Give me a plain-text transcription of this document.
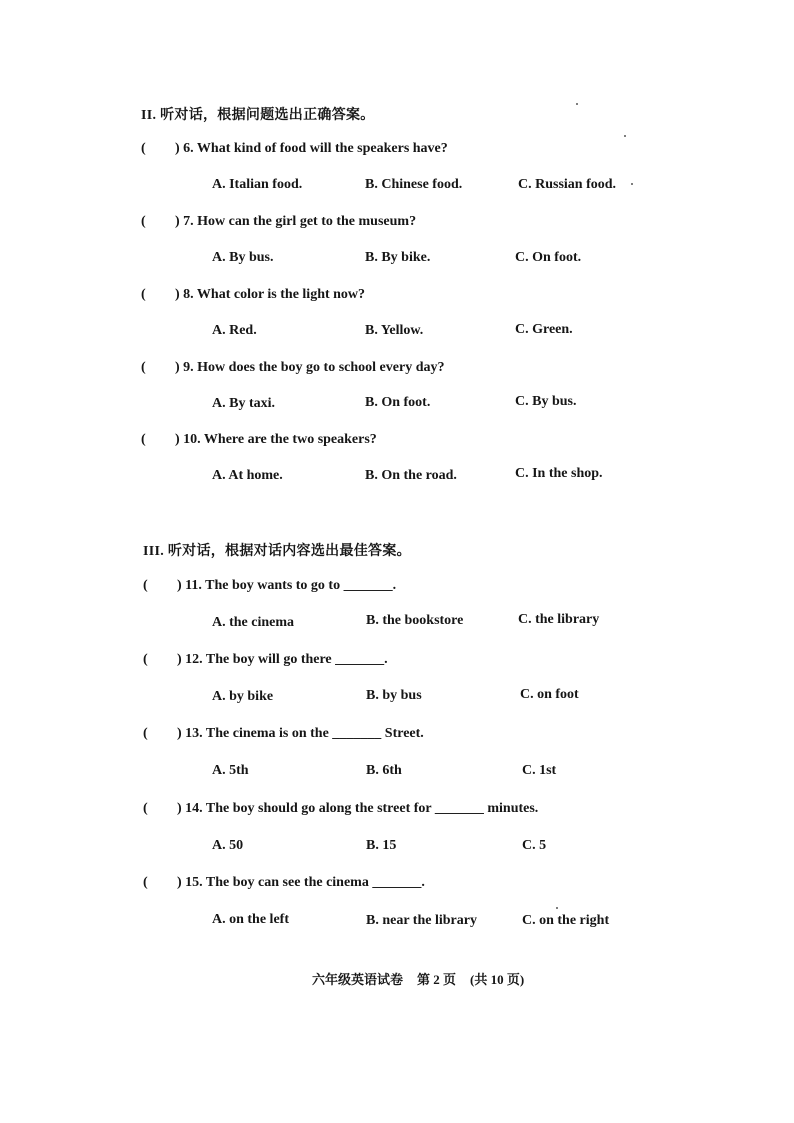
II. 听对话，根据问题选出正确答案。
( ) 6. What kind of food will the speakers have?
A. Italian food.	B. Chinese food.	C. Russian food.
( ) 7. How can the girl get to the museum?
A. By bus.	B. By bike.	C. On foot.
( ) 8. What color is the light now?
A. Red.	B. Yellow.	C. Green.
( ) 9. How does the boy go to school every day?
A. By taxi.	B. On foot.	C. By bus.
( ) 10. Where are the two speakers?
A. At home.	B. On the road.	C. In the shop.
III. 听对话，根据对话内容选出最佳答案。
( ) 11. The boy wants to go to _______.
A. the cinema	B. the bookstore	C. the library
( ) 12. The boy will go there _______.
A. by bike	B. by bus	C. on foot
( ) 13. The cinema is on the _______ Street.
A. 5th	B. 6th	C. 1st
( ) 14. The boy should go along the street for _______ minutes.
A. 50	B. 15	C. 5
( ) 15. The boy can see the cinema _______.
A. on the left	B. near the library	C. on the right
六年级英语试卷 第 2 页 (共 10 页)
